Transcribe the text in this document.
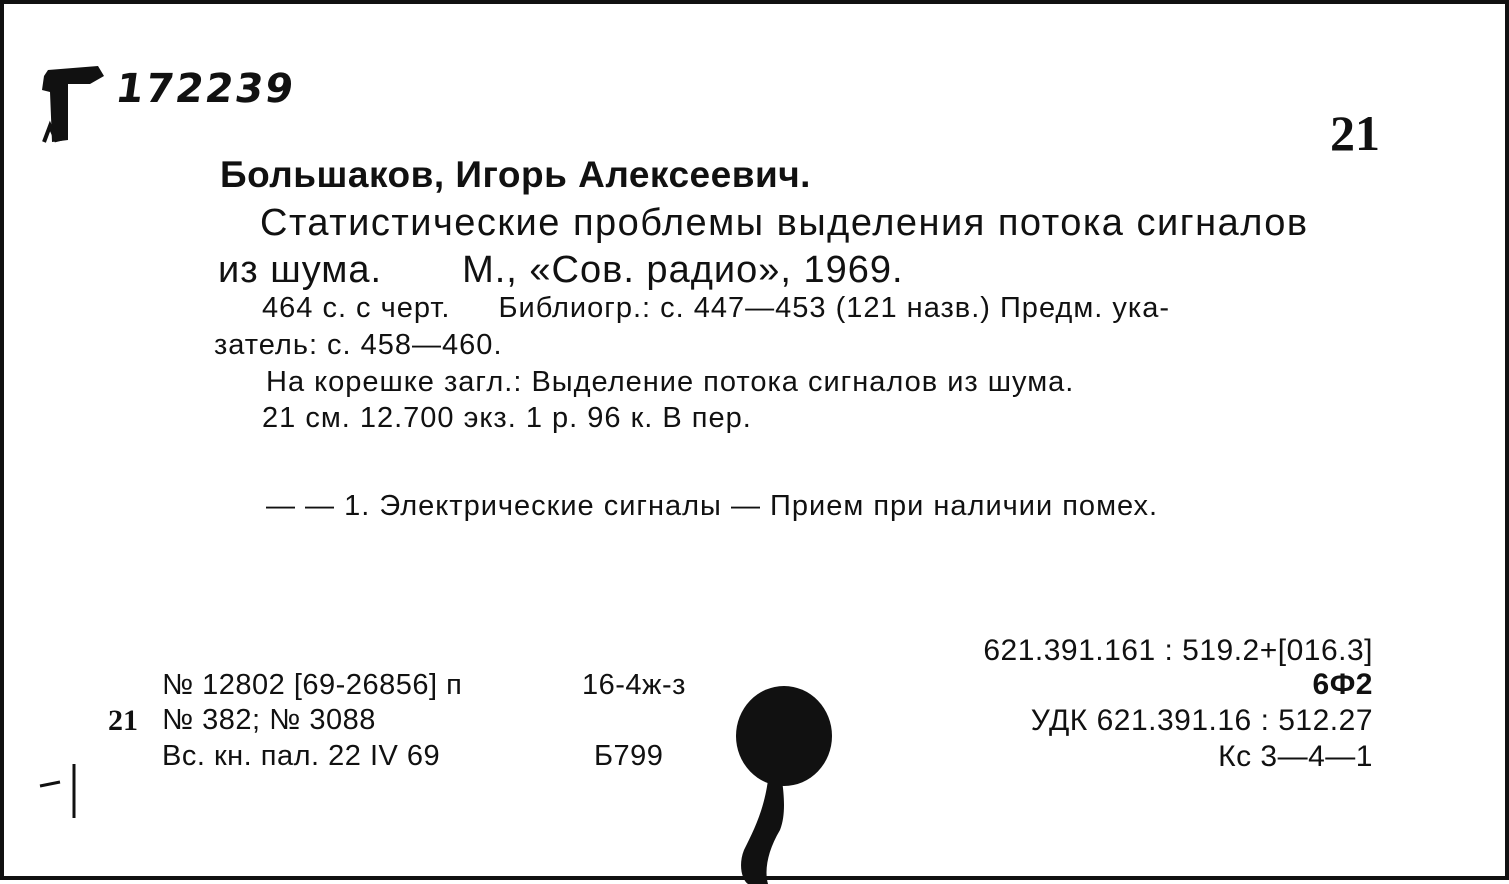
172239
21
Большаков, Игорь Алексеевич.
Статистические проблемы выделения потока сигналов
из шума. М., «Сов. радио», 1969.
464 с. с черт. Библиогр.: с. 447—453 (121 назв.) Предм. ука-
затель: с. 458—460.
На корешке загл.: Выделение потока сигналов из шума.
21 см. 12.700 экз. 1 р. 96 к. В пер.
— — 1. Электрические сигналы — Прием при наличии помех.
№ 12802 [69-26856] п	16-4ж-з
21 № 382; № 3088
Вс. кн. пал. 22 IV 69	Б799
621.391.161 : 519.2+[016.3]
6Ф2
УДК 621.391.16 : 512.27
Кс 3—4—1
